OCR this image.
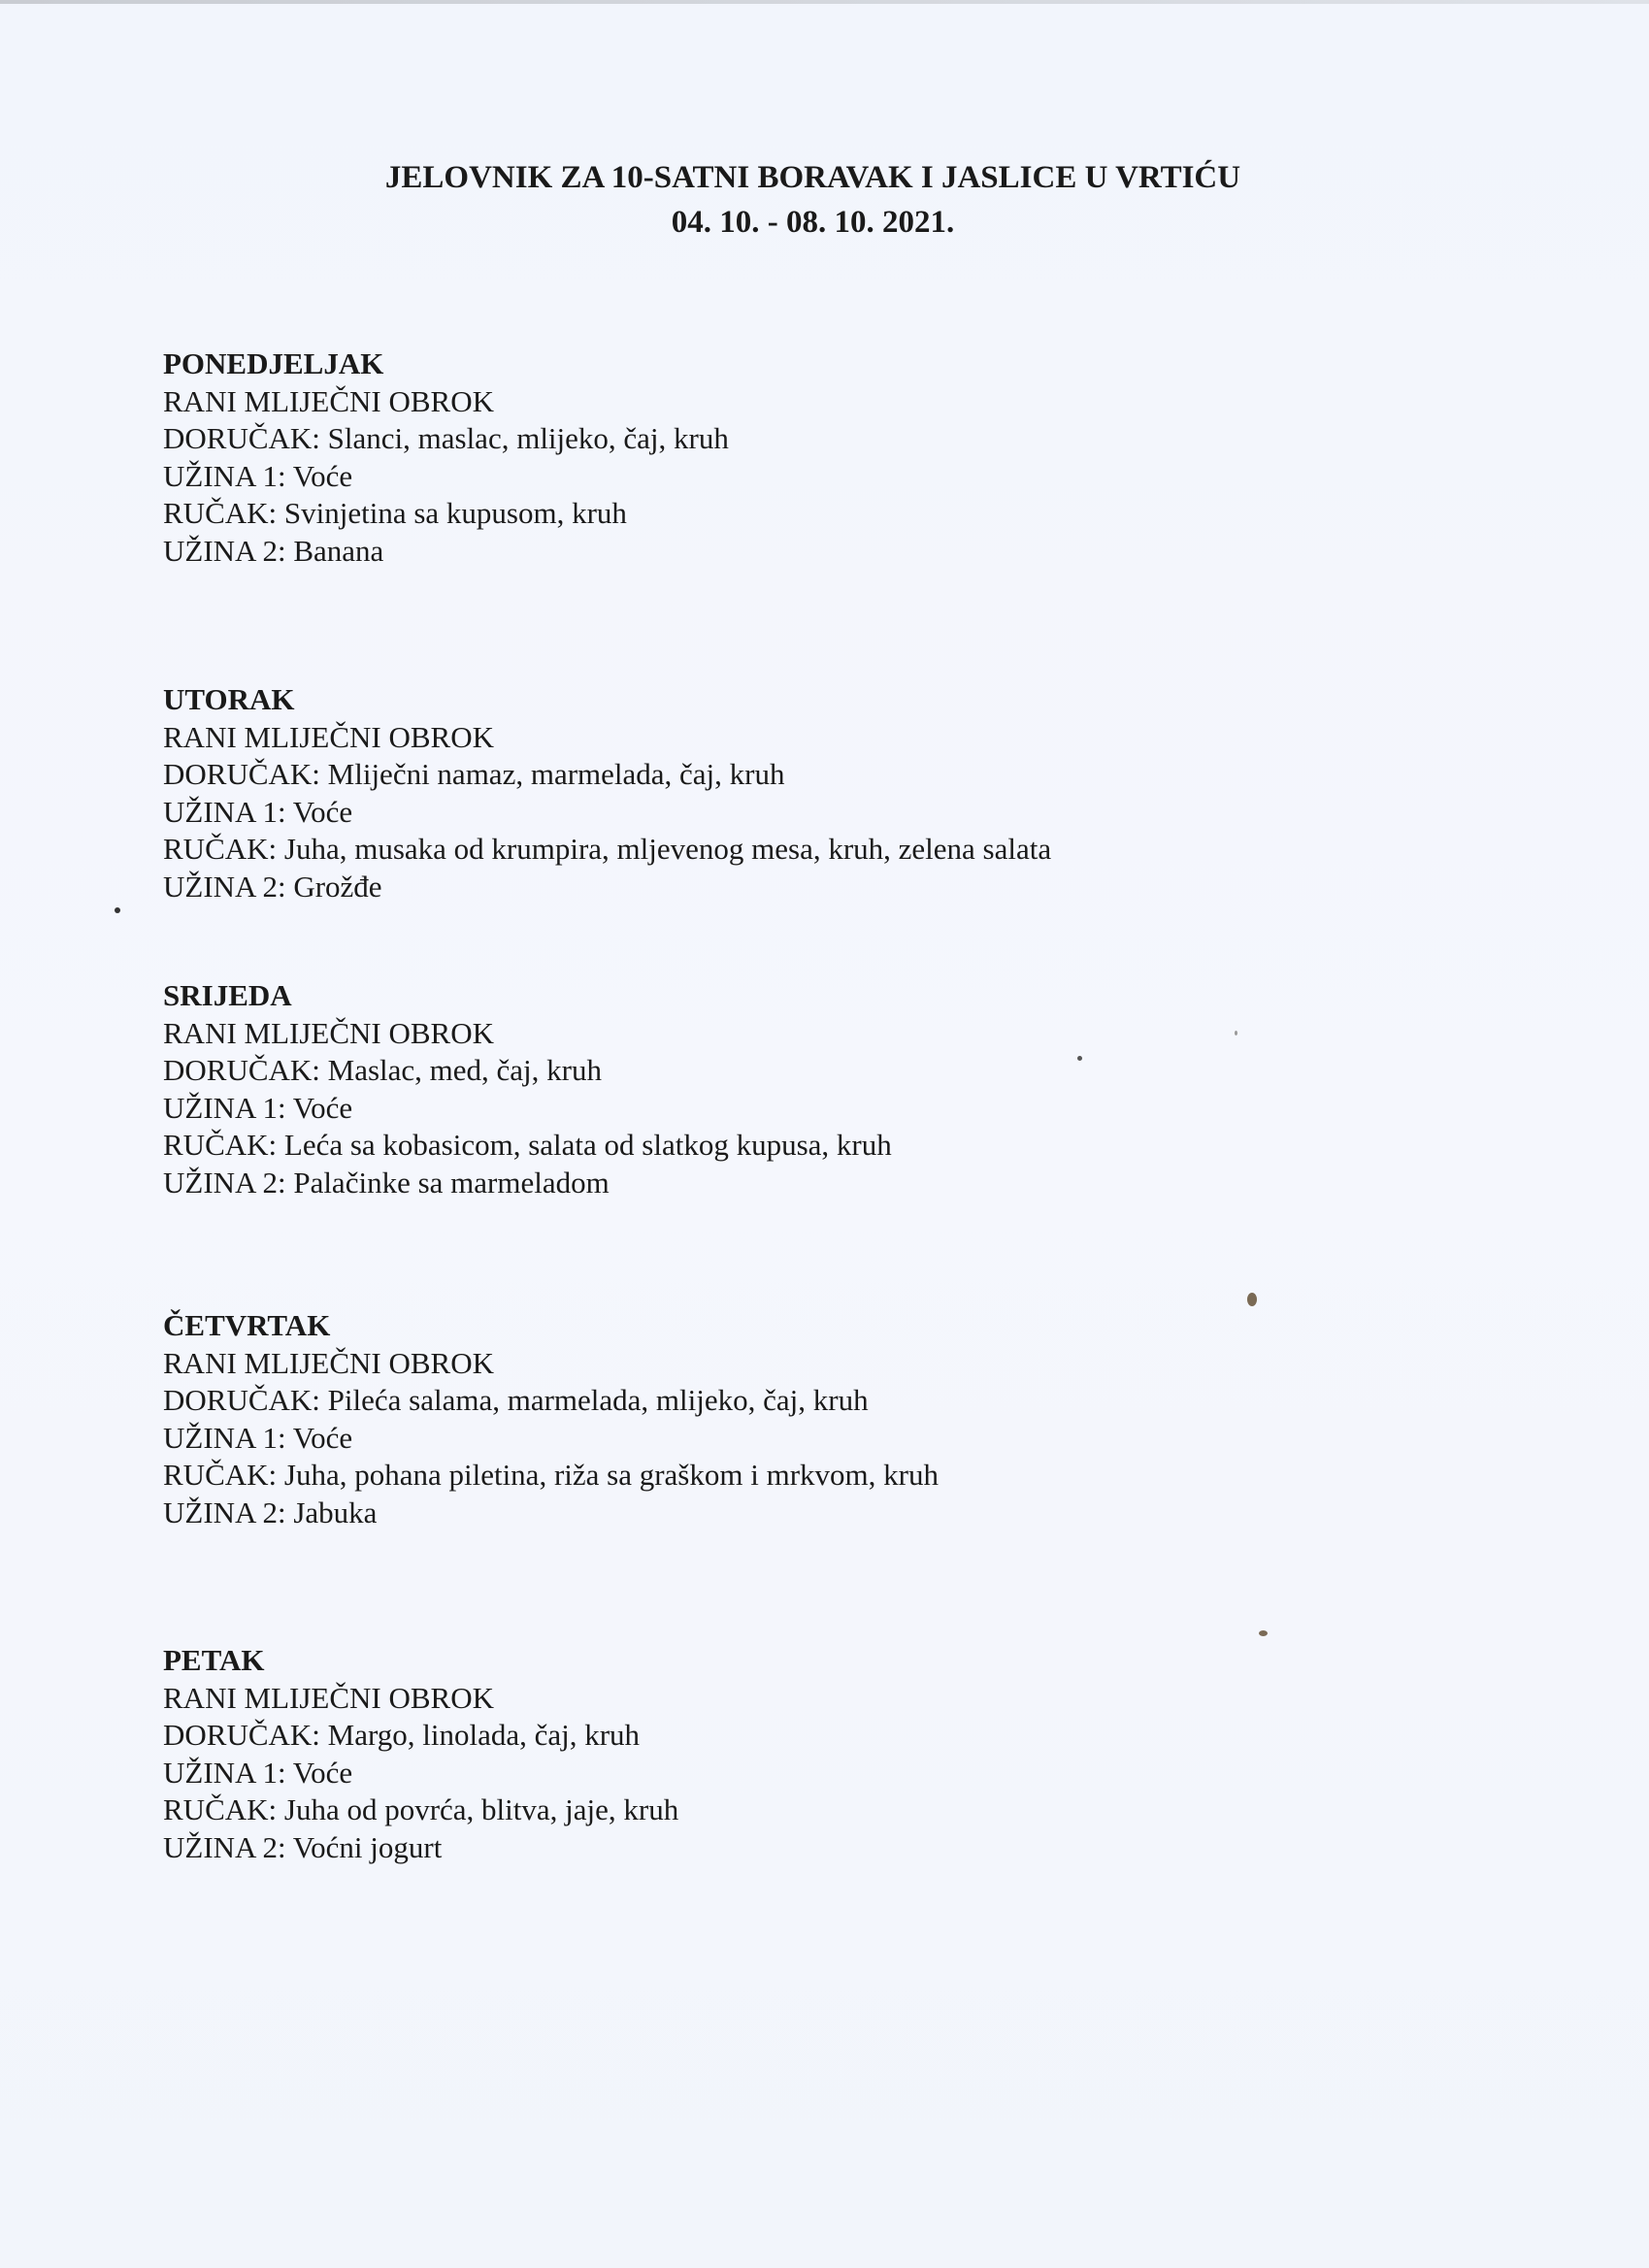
JELOVNIK ZA 10-SATNI BORAVAK I JASLICE U VRTIĆU
04. 10. - 08. 10. 2021.
PONEDJELJAK
RANI MLIJEČNI OBROK
DORUČAK: Slanci, maslac, mlijeko, čaj, kruh
UŽINA 1: Voće
RUČAK: Svinjetina sa kupusom, kruh
UŽINA 2: Banana
UTORAK
RANI MLIJEČNI OBROK
DORUČAK: Mliječni namaz, marmelada, čaj, kruh
UŽINA 1: Voće
RUČAK: Juha, musaka od krumpira, mljevenog mesa, kruh, zelena salata
UŽINA 2: Grožđe
SRIJEDA
RANI MLIJEČNI OBROK
DORUČAK: Maslac, med, čaj, kruh
UŽINA 1: Voće
RUČAK: Leća sa kobasicom, salata od slatkog kupusa, kruh
UŽINA 2: Palačinke sa marmeladom
ČETVRTAK
RANI MLIJEČNI OBROK
DORUČAK: Pileća salama, marmelada, mlijeko, čaj, kruh
UŽINA 1: Voće
RUČAK: Juha, pohana piletina, riža sa graškom i mrkvom, kruh
UŽINA 2: Jabuka
PETAK
RANI MLIJEČNI OBROK
DORUČAK: Margo, linolada, čaj, kruh
UŽINA 1: Voće
RUČAK: Juha od povrća, blitva, jaje, kruh
UŽINA 2: Voćni jogurt
